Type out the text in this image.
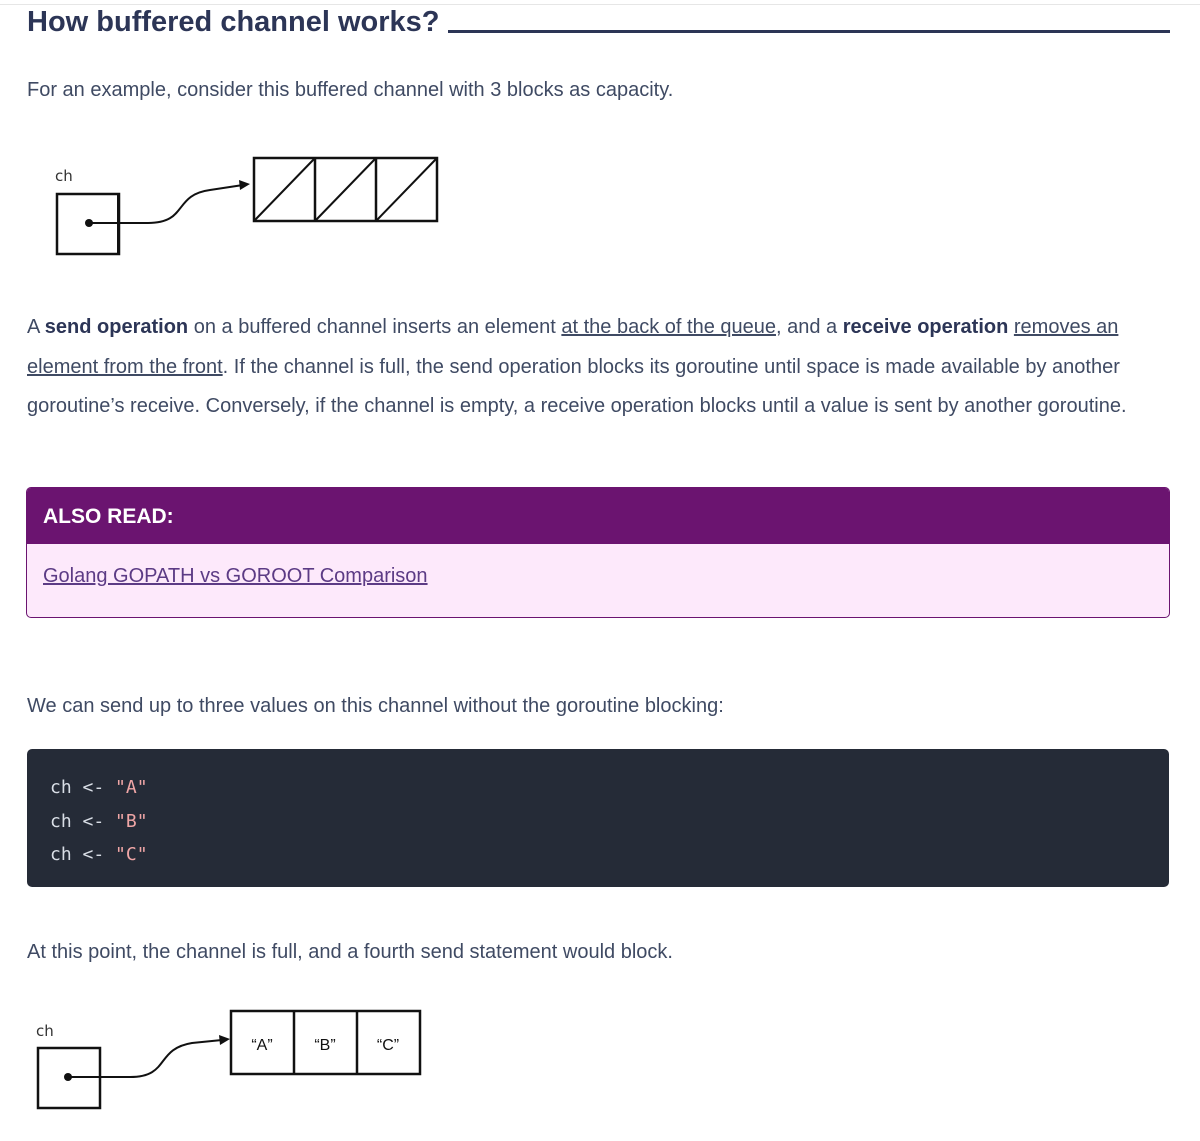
How buffered channel works?

For an example, consider this buffered channel with 3 blocks as capacity.

ch

A send operation on a buffered channel inserts an element at the back of the queue, and a receive operation removes an element from the front. If the channel is full, the send operation blocks its goroutine until space is made available by another goroutine’s receive. Conversely, if the channel is empty, a receive operation blocks until a value is sent by another goroutine.

ALSO READ:
Golang GOPATH vs GOROOT Comparison

We can send up to three values on this channel without the goroutine blocking:

ch <- "A"
ch <- "B"
ch <- "C"

At this point, the channel is full, and a fourth send statement would block.

ch
“A”	“B”	“C”
